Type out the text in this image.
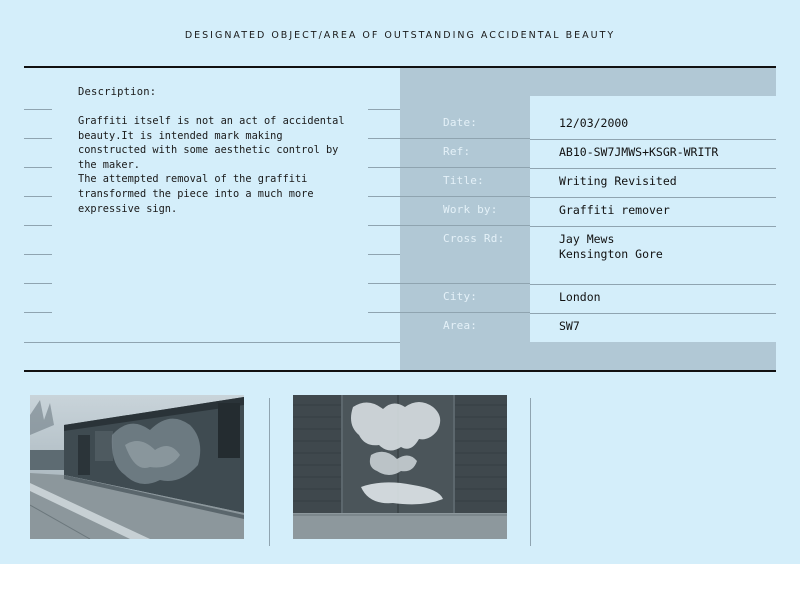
DESIGNATED OBJECT/AREA OF OUTSTANDING ACCIDENTAL BEAUTY
Description:
Graffiti itself is not an act of accidental
beauty.It is intended mark making
constructed with some aesthetic control by
the maker.
The attempted removal of the graffiti
transformed the piece into a much more
expressive sign.
Date:
Ref:
Title:
Work by:
Cross Rd:
City:
Area:
12/03/2000
AB10-SW7JMWS+KSGR-WRITR
Writing Revisited
Graffiti remover
Jay Mews
Kensington Gore
London
SW7
